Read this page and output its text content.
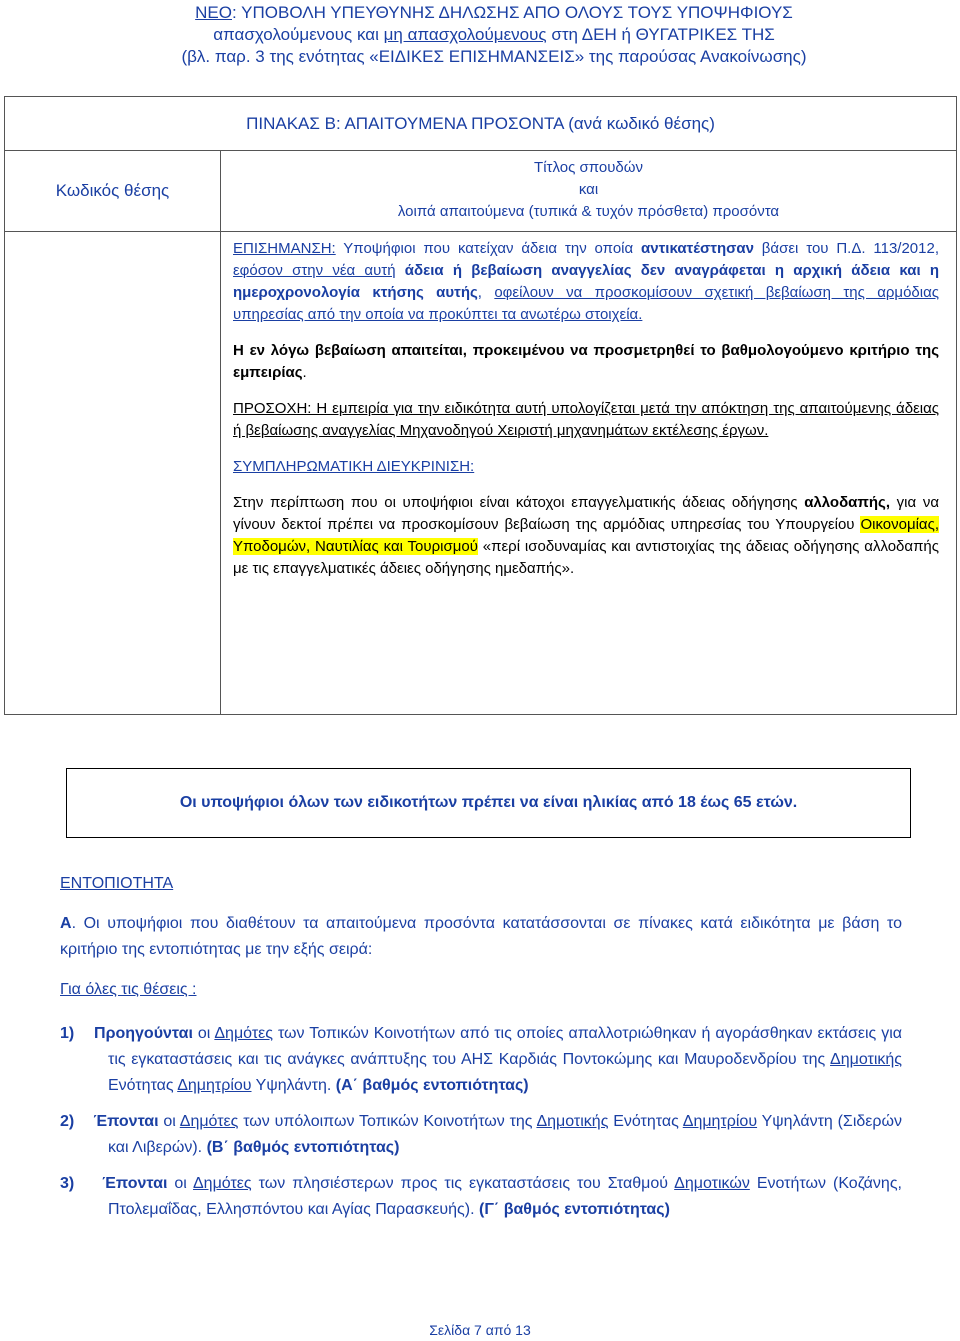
ΝΕΟ: ΥΠΟΒΟΛΗ ΥΠΕΥΘΥΝΗΣ ΔΗΛΩΣΗΣ ΑΠΟ ΟΛΟΥΣ ΤΟΥΣ ΥΠΟΨΗΦΙΟΥΣ
απασχολούμενους και μη απασχολούμενους στη ΔΕΗ ή ΘΥΓΑΤΡΙΚΕΣ ΤΗΣ
(βλ. παρ. 3 της ενότητας «ΕΙΔΙΚΕΣ ΕΠΙΣΗΜΑΝΣΕΙΣ» της παρούσας Ανακοίνωσης)
ΠΙΝΑΚΑΣ Β: ΑΠΑΙΤΟΥΜΕΝΑ ΠΡΟΣΟΝΤΑ (ανά κωδικό θέσης)
Κωδικός θέσης
Τίτλος σπουδών
και
λοιπά απαιτούμενα (τυπικά & τυχόν πρόσθετα) προσόντα

ΕΠΙΣΗΜΑΝΣΗ: Υποψήφιοι που κατείχαν άδεια την οποία αντικατέστησαν βάσει του Π.Δ. 113/2012, εφόσον στην νέα αυτή άδεια ή βεβαίωση αναγγελίας δεν αναγράφεται η αρχική άδεια και η ημεροχρονολογία κτήσης αυτής, οφείλουν να προσκομίσουν σχετική βεβαίωση της αρμόδιας υπηρεσίας από την οποία να προκύπτει τα ανωτέρω στοιχεία.

Η εν λόγω βεβαίωση απαιτείται, προκειμένου να προσμετρηθεί το βαθμολογούμενο κριτήριο της εμπειρίας.

ΠΡΟΣΟΧΗ: Η εμπειρία για την ειδικότητα αυτή υπολογίζεται μετά την απόκτηση της απαιτούμενης άδειας ή βεβαίωσης αναγγελίας Μηχανοδηγού Χειριστή μηχανημάτων εκτέλεσης έργων.

ΣΥΜΠΛΗΡΩΜΑΤΙΚΗ ΔΙΕΥΚΡΙΝΙΣΗ:

Στην περίπτωση που οι υποψήφιοι είναι κάτοχοι επαγγελματικής άδειας οδήγησης αλλοδαπής, για να γίνουν δεκτοί πρέπει να προσκομίσουν βεβαίωση της αρμόδιας υπηρεσίας του Υπουργείου Οικονομίας, Υποδομών, Ναυτιλίας και Τουρισμού «περί ισοδυναμίας και αντιστοιχίας της άδειας οδήγησης αλλοδαπής με τις επαγγελματικές άδειες οδήγησης ημεδαπής».

Οι υποψήφιοι όλων των ειδικοτήτων πρέπει να είναι ηλικίας από 18 έως 65 ετών.

ΕΝΤΟΠΙΟΤΗΤΑ

Α. Οι υποψήφιοι που διαθέτουν τα απαιτούμενα προσόντα κατατάσσονται σε πίνακες κατά ειδικότητα με βάση το κριτήριο της εντοπιότητας με την εξής σειρά:

Για όλες τις θέσεις :

1) Προηγούνται οι Δημότες των Τοπικών Κοινοτήτων από τις οποίες απαλλοτριώθηκαν ή αγοράσθηκαν εκτάσεις για τις εγκαταστάσεις και τις ανάγκες ανάπτυξης του ΑΗΣ Καρδιάς Ποντοκώμης και Μαυροδενδρίου της Δημοτικής Ενότητας Δημητρίου Υψηλάντη. (Α΄ βαθμός εντοπιότητας)

2) Έπονται οι Δημότες των υπόλοιπων Τοπικών Κοινοτήτων της Δημοτικής Ενότητας Δημητρίου Υψηλάντη (Σιδερών και Λιβερών). (Β΄ βαθμός εντοπιότητας)

3) Έπονται οι Δημότες των πλησιέστερων προς τις εγκαταστάσεις του Σταθμού Δημοτικών Ενοτήτων (Κοζάνης, Πτολεμαΐδας, Ελλησπόντου και Αγίας Παρασκευής). (Γ΄ βαθμός εντοπιότητας)

Σελίδα 7 από 13
